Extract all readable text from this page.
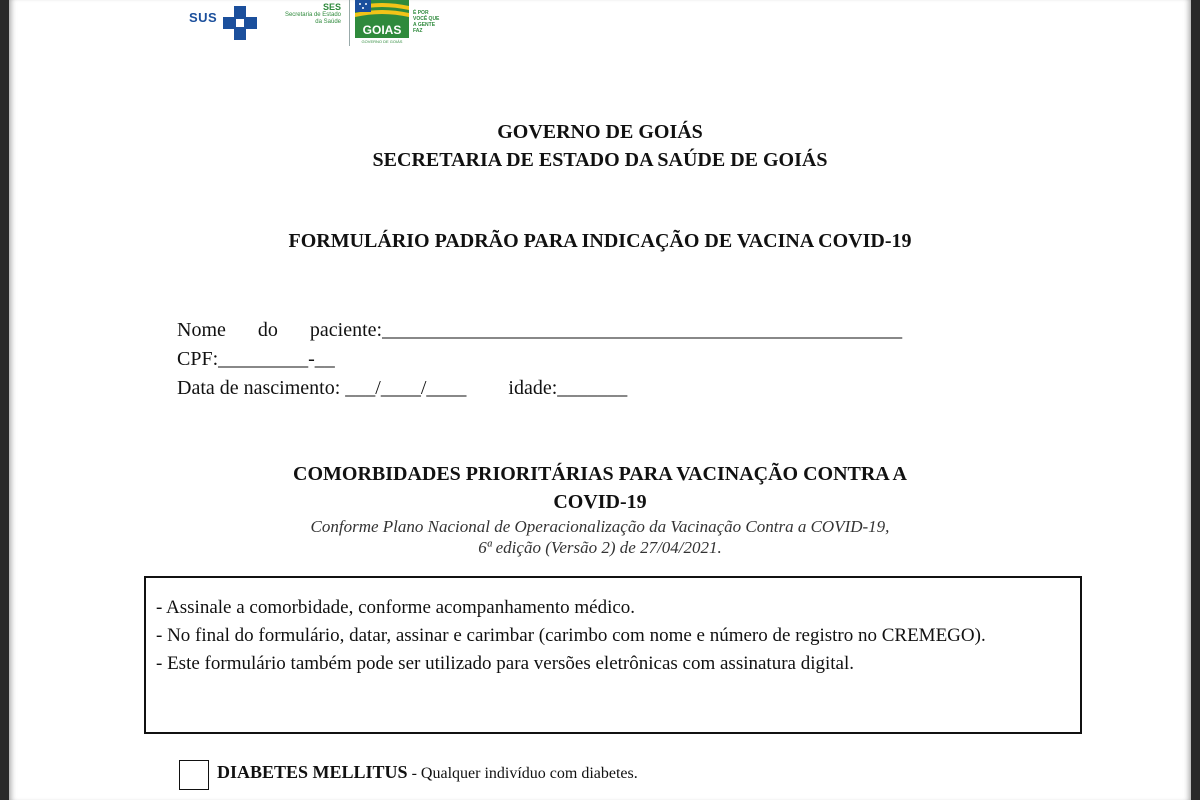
SUS
SES
Secretaria de Estado
da Saúde
GOIAS
GOVERNO DE GOIÁS
É POR VOCÊ QUE A GENTE FAZ
GOVERNO DE GOIÁS
SECRETARIA DE ESTADO DA SAÚDE DE GOIÁS
FORMULÁRIO PADRÃO PARA INDICAÇÃO DE VACINA COVID-19
Nome do paciente:____________________________________________________
CPF:_________-__
Data de nascimento: ___/____/____ idade:_______
COMORBIDADES PRIORITÁRIAS PARA VACINAÇÃO CONTRA A
COVID-19
Conforme Plano Nacional de Operacionalização da Vacinação Contra a COVID-19,
6ª edição (Versão 2) de 27/04/2021.
- Assinale a comorbidade, conforme acompanhamento médico.
- No final do formulário, datar, assinar e carimbar (carimbo com nome e número de registro no CREMEGO).
- Este formulário também pode ser utilizado para versões eletrônicas com assinatura digital.
DIABETES MELLITUS - Qualquer indivíduo com diabetes.
